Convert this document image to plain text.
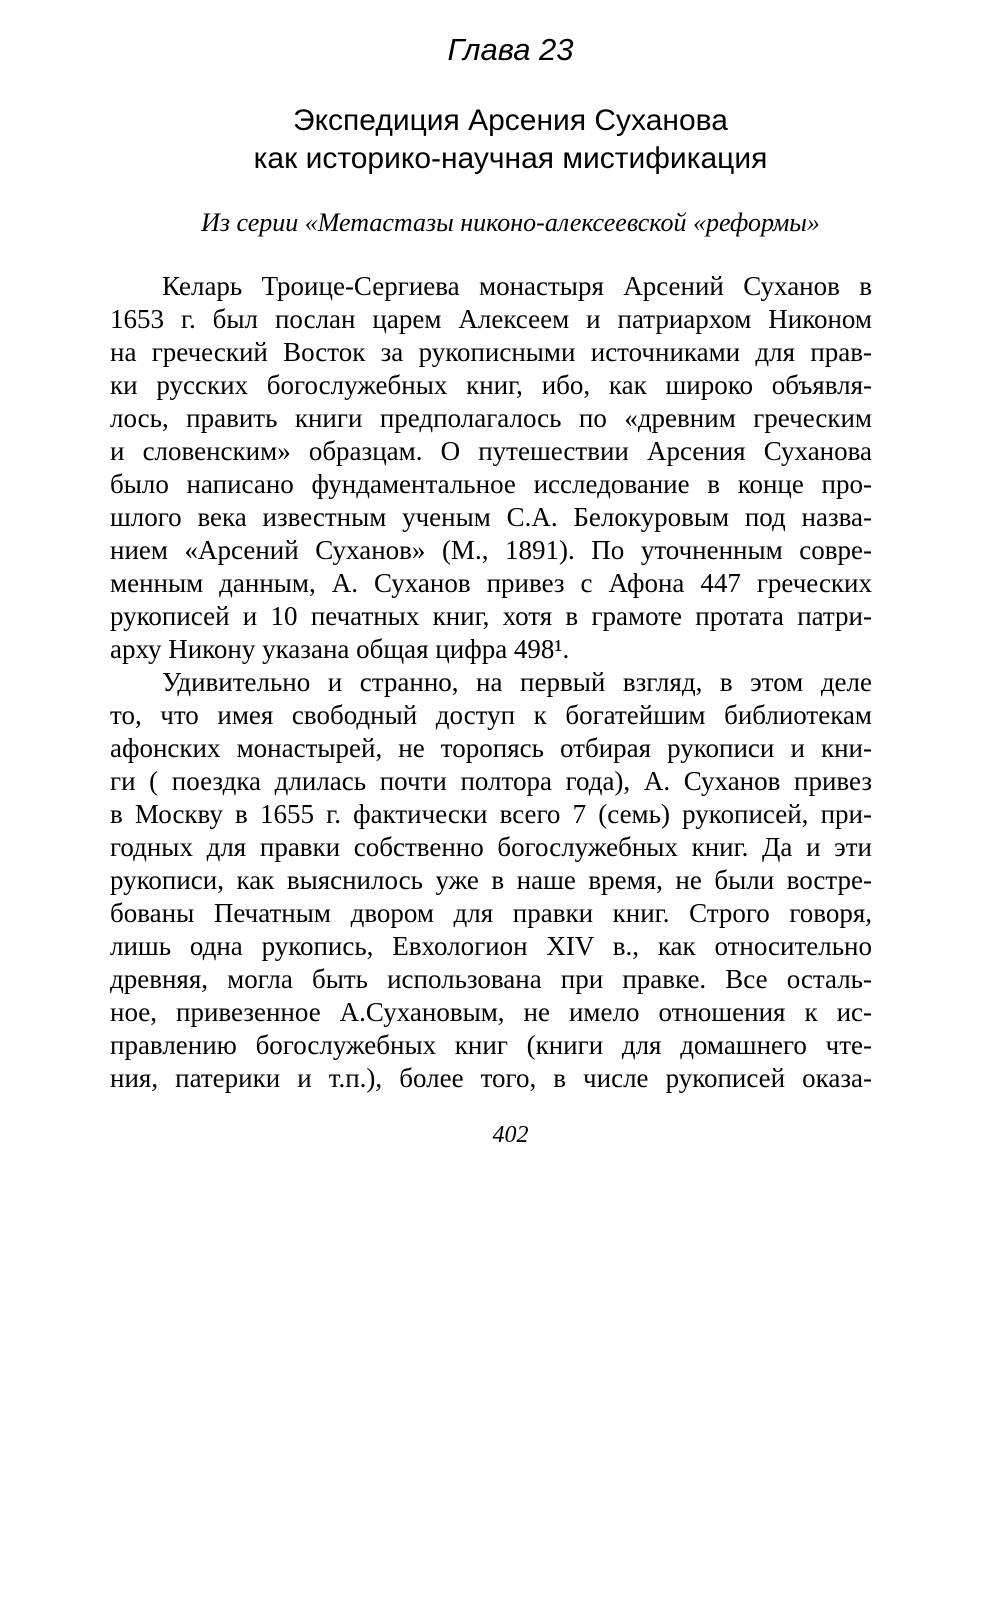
Глава 23
Экспедиция Арсения Суханова
как историко-научная мистификация
Из серии «Метастазы никоно-алексеевской «реформы»
Келарь Троице-Сергиева монастыря Арсений Суханов в
1653 г. был послан царем Алексеем и патриархом Никоном
на греческий Восток за рукописными источниками для прав-
ки русских богослужебных книг, ибо, как широко объявля-
лось, править книги предполагалось по «древним греческим
и словенским» образцам. О путешествии Арсения Суханова
было написано фундаментальное исследование в конце про-
шлого века известным ученым С.А. Белокуровым под назва-
нием «Арсений Суханов» (М., 1891). По уточненным совре-
менным данным, А. Суханов привез с Афона 447 греческих
рукописей и 10 печатных книг, хотя в грамоте протата патри-
арху Никону указана общая цифра 498¹.
Удивительно и странно, на первый взгляд, в этом деле
то, что имея свободный доступ к богатейшим библиотекам
афонских монастырей, не торопясь отбирая рукописи и кни-
ги ( поездка длилась почти полтора года), А. Суханов привез
в Москву в 1655 г. фактически всего 7 (семь) рукописей, при-
годных для правки собственно богослужебных книг. Да и эти
рукописи, как выяснилось уже в наше время, не были востре-
бованы Печатным двором для правки книг. Строго говоря,
лишь одна рукопись, Евхологион XIV в., как относительно
древняя, могла быть использована при правке. Все осталь-
ное, привезенное А.Сухановым, не имело отношения к ис-
правлению богослужебных книг (книги для домашнего чте-
ния, патерики и т.п.), более того, в числе рукописей оказа-
402
